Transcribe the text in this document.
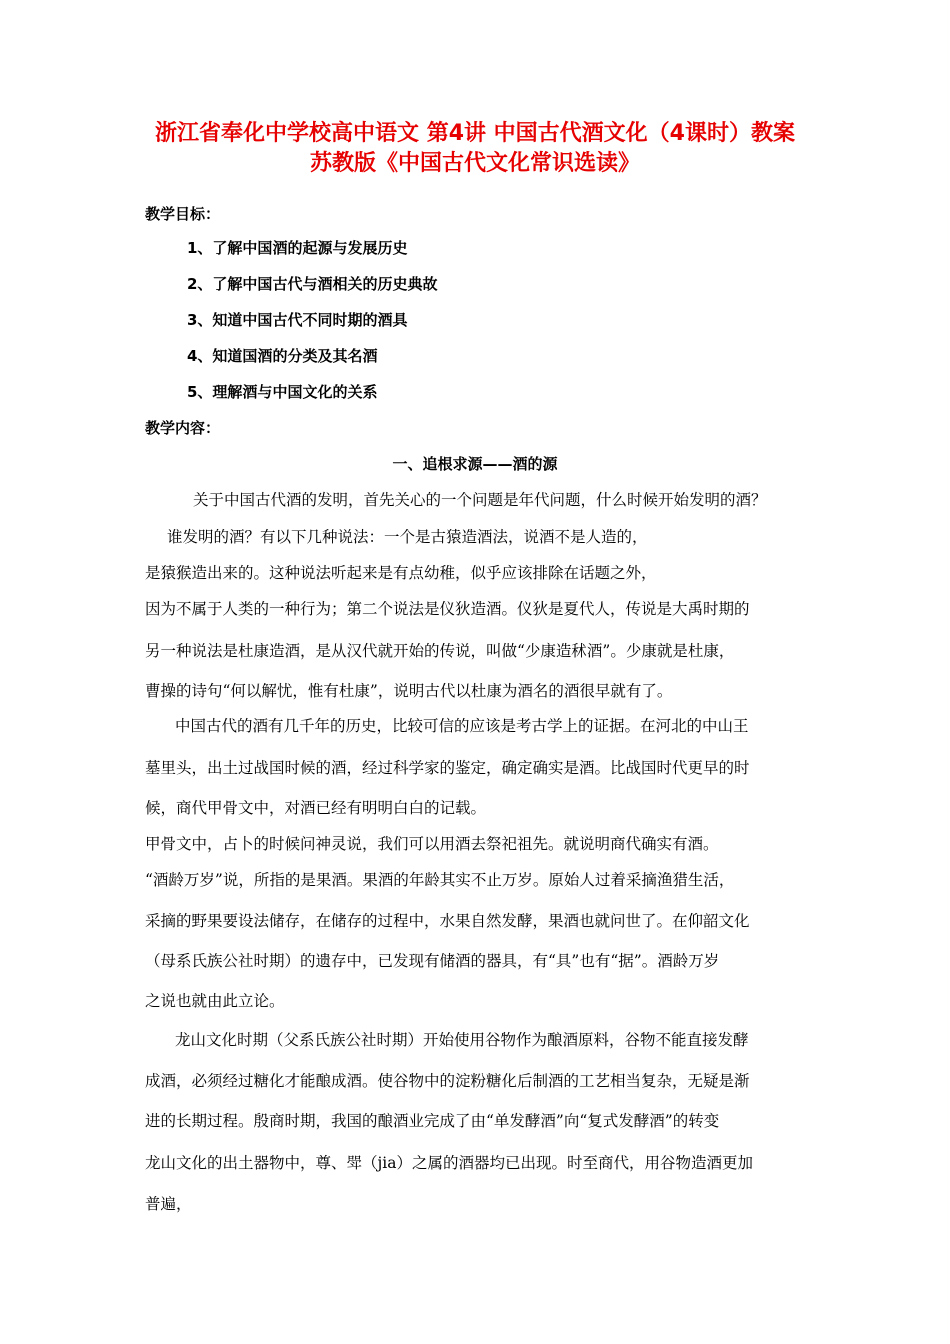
浙江省奉化中学校高中语文 第4讲 中国古代酒文化（4课时）教案
苏教版《中国古代文化常识选读》
教学目标：
1、了解中国酒的起源与发展历史
2、了解中国古代与酒相关的历史典故
3、知道中国古代不同时期的酒具
4、知道国酒的分类及其名酒
5、理解酒与中国文化的关系
教学内容：
一、追根求源——酒的源
关于中国古代酒的发明，首先关心的一个问题是年代问题，什么时候开始发明的酒？
谁发明的酒？有以下几种说法：一个是古猿造酒法，说酒不是人造的，
是猿猴造出来的。这种说法听起来是有点幼稚，似乎应该排除在话题之外，
因为不属于人类的一种行为；第二个说法是仪狄造酒。仪狄是夏代人，传说是大禹时期的
另一种说法是杜康造酒，是从汉代就开始的传说，叫做“少康造秫酒”。少康就是杜康，
曹操的诗句“何以解忧，惟有杜康”，说明古代以杜康为酒名的酒很早就有了。
中国古代的酒有几千年的历史，比较可信的应该是考古学上的证据。在河北的中山王
墓里头，出土过战国时候的酒，经过科学家的鉴定，确定确实是酒。比战国时代更早的时
候，商代甲骨文中，对酒已经有明明白白的记载。
甲骨文中，占卜的时候问神灵说，我们可以用酒去祭祀祖先。就说明商代确实有酒。
“酒龄万岁”说，所指的是果酒。果酒的年龄其实不止万岁。原始人过着采摘渔猎生活，
采摘的野果要设法储存，在储存的过程中，水果自然发酵，果酒也就问世了。在仰韶文化
（母系氏族公社时期）的遗存中，已发现有储酒的器具，有“具”也有“据”。酒龄万岁
之说也就由此立论。
龙山文化时期（父系氏族公社时期）开始使用谷物作为酿酒原料，谷物不能直接发酵
成酒，必须经过糖化才能酿成酒。使谷物中的淀粉糖化后制酒的工艺相当复杂，无疑是渐
进的长期过程。殷商时期，我国的酿酒业完成了由“单发酵酒”向“复式发酵酒”的转变
龙山文化的出土器物中，尊、斝（jia）之属的酒器均已出现。时至商代，用谷物造酒更加
普遍，
